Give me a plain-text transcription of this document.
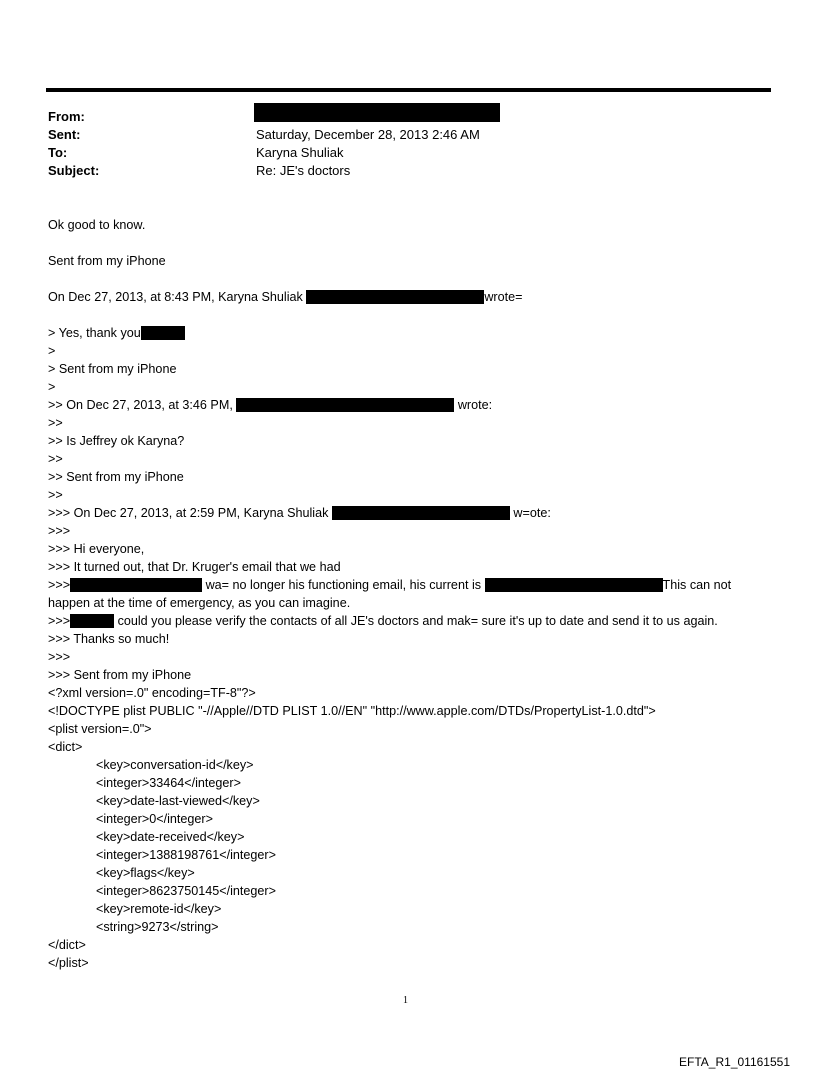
From:
Sent:	Saturday, December 28, 2013 2:46 AM
To:	Karyna Shuliak
Subject:	Re: JE's doctors
Ok good to know.
Sent from my iPhone
On Dec 27, 2013, at 8:43 PM, Karyna Shuliak	wrote=
> Yes, thank you
>
> Sent from my iPhone
>
>> On Dec 27, 2013, at 3:46 PM,	wrote:
>>
>> Is Jeffrey ok Karyna?
>>
>> Sent from my iPhone
>>
>>> On Dec 27, 2013, at 2:59 PM, Karyna Shuliak	w=ote:
>>>
>>> Hi everyone,
>>> It turned out, that Dr. Kruger's email that we had
>>>	wa= no longer his functioning email, his current is	This can not
happen at the time of emergency, as you can imagine.
>>>	could you please verify the contacts of all JE's doctors and mak= sure it's up to date and send it to us again.
>>> Thanks so much!
>>>
>>> Sent from my iPhone
<?xml version=.0" encoding=TF-8"?>
<!DOCTYPE plist PUBLIC "-//Apple//DTD PLIST 1.0//EN" "http://www.apple.com/DTDs/PropertyList-1.0.dtd">
<plist version=.0">
<dict>
<key>conversation-id</key>
<integer>33464</integer>
<key>date-last-viewed</key>
<integer>0</integer>
<key>date-received</key>
<integer>1388198761</integer>
<key>flags</key>
<integer>8623750145</integer>
<key>remote-id</key>
<string>9273</string>
</dict>
</plist>
1
EFTA_R1_01161551
